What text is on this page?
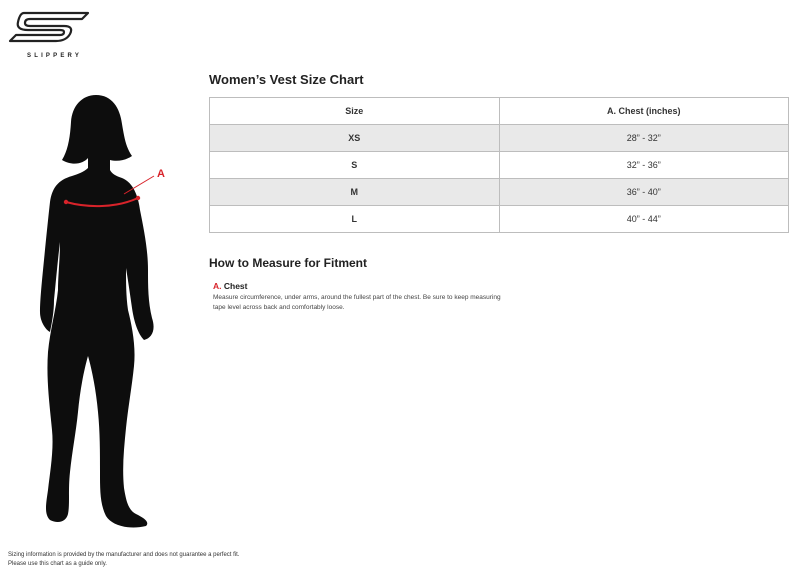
SLIPPERY
A
Women’s Vest Size Chart
Size	A. Chest (inches)
XS	28” - 32”
S	32” - 36”
M	36” - 40”
L	40” - 44”
How to Measure for Fitment
A. Chest
Measure circumference, under arms, around the fullest part of the chest. Be sure to keep measuring tape level across back and comfortably loose.
Sizing information is provided by the manufacturer and does not guarantee a perfect fit.
Please use this chart as a guide only.
